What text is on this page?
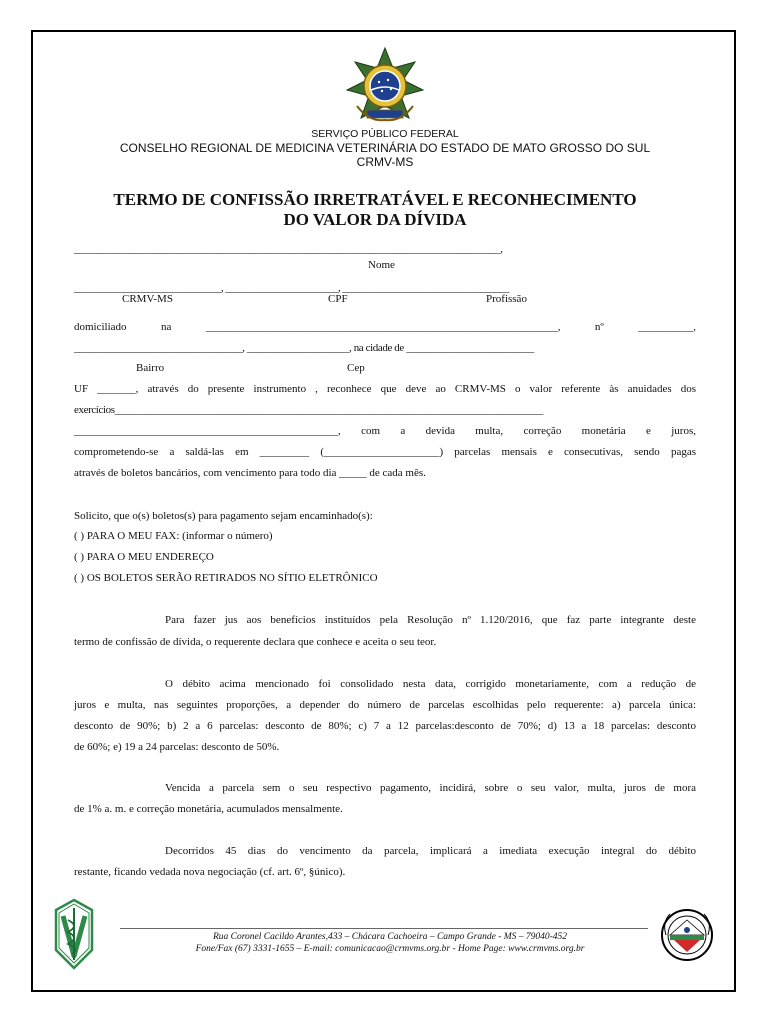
SERVIÇO PÚBLICO FEDERAL
CONSELHO REGIONAL DE MEDICINA VETERINÁRIA DO ESTADO DE MATO GROSSO DO SUL
CRMV-MS
TERMO DE CONFISSÃO IRRETRATÁVEL E RECONHECIMENTO
DO VALOR DA DÍVIDA
_______________________________________________________________________________________,
Nome
______________________________, _______________________, __________________________________
CRMV-MS	CPF	Profissão
domiciliado na ________________________________________________________________, nº __________,
_________________________________, ____________________, na cidade de _________________________
Bairro	Cep
UF _______, através do presente instrumento , reconhece que deve ao CRMV-MS o valor referente às anuidades dos
exercícios____________________________________________________________________________________
________________________________________________, com a devida multa, correção monetária e juros,
comprometendo-se a saldá-las em _________ (_____________________) parcelas mensais e consecutivas, sendo pagas
através de boletos bancários, com vencimento para todo dia _____ de cada mês.
Solicito, que o(s) boletos(s) para pagamento sejam encaminhado(s):
( ) PARA O MEU FAX: (informar o número)
( ) PARA O MEU ENDEREÇO
( ) OS BOLETOS SERÃO RETIRADOS NO SÍTIO ELETRÔNICO
Para fazer jus aos benefícios instituídos pela Resolução nº 1.120/2016, que faz parte integrante deste
termo de confissão de dívida, o requerente declara que conhece e aceita o seu teor.
O débito acima mencionado foi consolidado nesta data, corrigido monetariamente, com a redução de
juros e multa, nas seguintes proporções, a depender do número de parcelas escolhidas pelo requerente: a) parcela única:
desconto de 90%; b) 2 a 6 parcelas: desconto de 80%; c) 7 a 12 parcelas:desconto de 70%; d) 13 a 18 parcelas: desconto
de 60%; e) 19 a 24 parcelas: desconto de 50%.
Vencida a parcela sem o seu respectivo pagamento, incidirá, sobre o seu valor, multa, juros de mora
de 1% a. m. e correção monetária, acumulados mensalmente.
Decorridos 45 dias do vencimento da parcela, implicará a imediata execução integral do débito
restante, ficando vedada nova negociação (cf. art. 6º, §único).
Rua Coronel Cacildo Arantes,433 – Chácara Cachoeira – Campo Grande - MS – 79040-452
Fone/Fax (67) 3331-1655 – E-mail: comunicacao@crmvms.org.br - Home Page: www.crmvms.org.br
